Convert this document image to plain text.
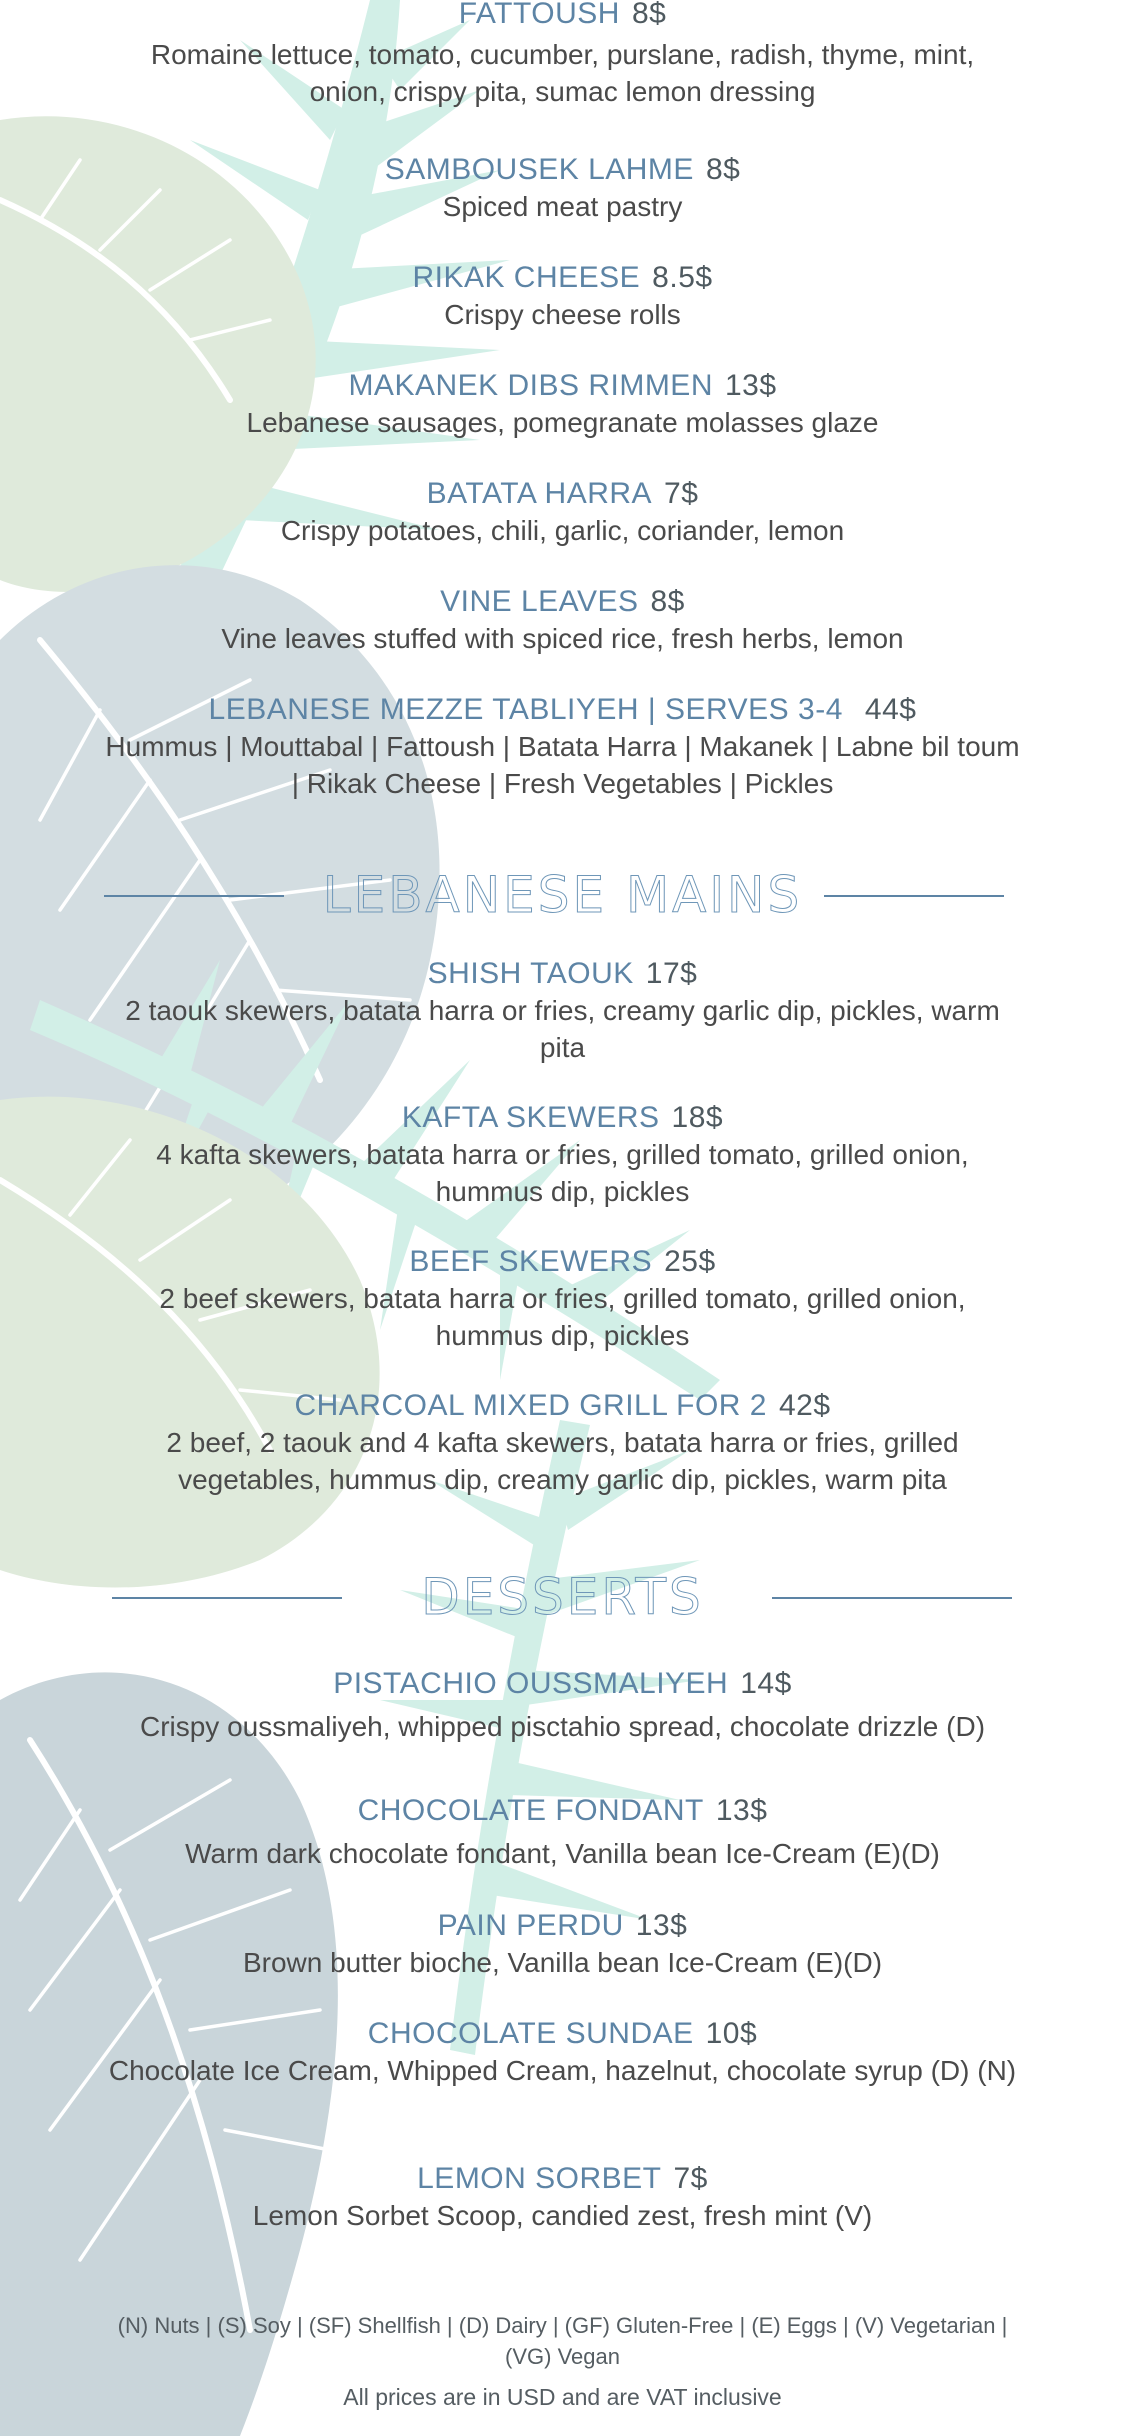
FATTOUSH 8$
Romaine lettuce, tomato, cucumber, purslane, radish, thyme, mint, onion, crispy pita, sumac lemon dressing
SAMBOUSEK LAHME 8$
Spiced meat pastry
RIKAK CHEESE 8.5$
Crispy cheese rolls
MAKANEK DIBS RIMMEN 13$
Lebanese sausages, pomegranate molasses glaze
BATATA HARRA 7$
Crispy potatoes, chili, garlic, coriander, lemon
VINE LEAVES 8$
Vine leaves stuffed with spiced rice, fresh herbs, lemon
LEBANESE MEZZE TABLIYEH | SERVES 3-4 44$
Hummus | Mouttabal | Fattoush | Batata Harra | Makanek | Labne bil toum | Rikak Cheese | Fresh Vegetables | Pickles
LEBANESE MAINS
SHISH TAOUK 17$
2 taouk skewers, batata harra or fries, creamy garlic dip, pickles, warm pita
KAFTA SKEWERS 18$
4 kafta skewers, batata harra or fries, grilled tomato, grilled onion, hummus dip, pickles
BEEF SKEWERS 25$
2 beef skewers, batata harra or fries, grilled tomato, grilled onion, hummus dip, pickles
CHARCOAL MIXED GRILL FOR 2 42$
2 beef, 2 taouk and 4 kafta skewers, batata harra or fries, grilled vegetables, hummus dip, creamy garlic dip, pickles, warm pita
DESSERTS
PISTACHIO OUSSMALIYEH 14$
Crispy oussmaliyeh, whipped pisctahio spread, chocolate drizzle (D)
CHOCOLATE FONDANT 13$
Warm dark chocolate fondant, Vanilla bean Ice-Cream (E)(D)
PAIN PERDU 13$
Brown butter bioche, Vanilla bean Ice-Cream (E)(D)
CHOCOLATE SUNDAE 10$
Chocolate Ice Cream, Whipped Cream, hazelnut, chocolate syrup (D) (N)
LEMON SORBET 7$
Lemon Sorbet Scoop, candied zest, fresh mint (V)
(N) Nuts | (S) Soy | (SF) Shellfish | (D) Dairy | (GF) Gluten-Free | (E) Eggs | (V) Vegetarian | (VG) Vegan
All prices are in USD and are VAT inclusive
